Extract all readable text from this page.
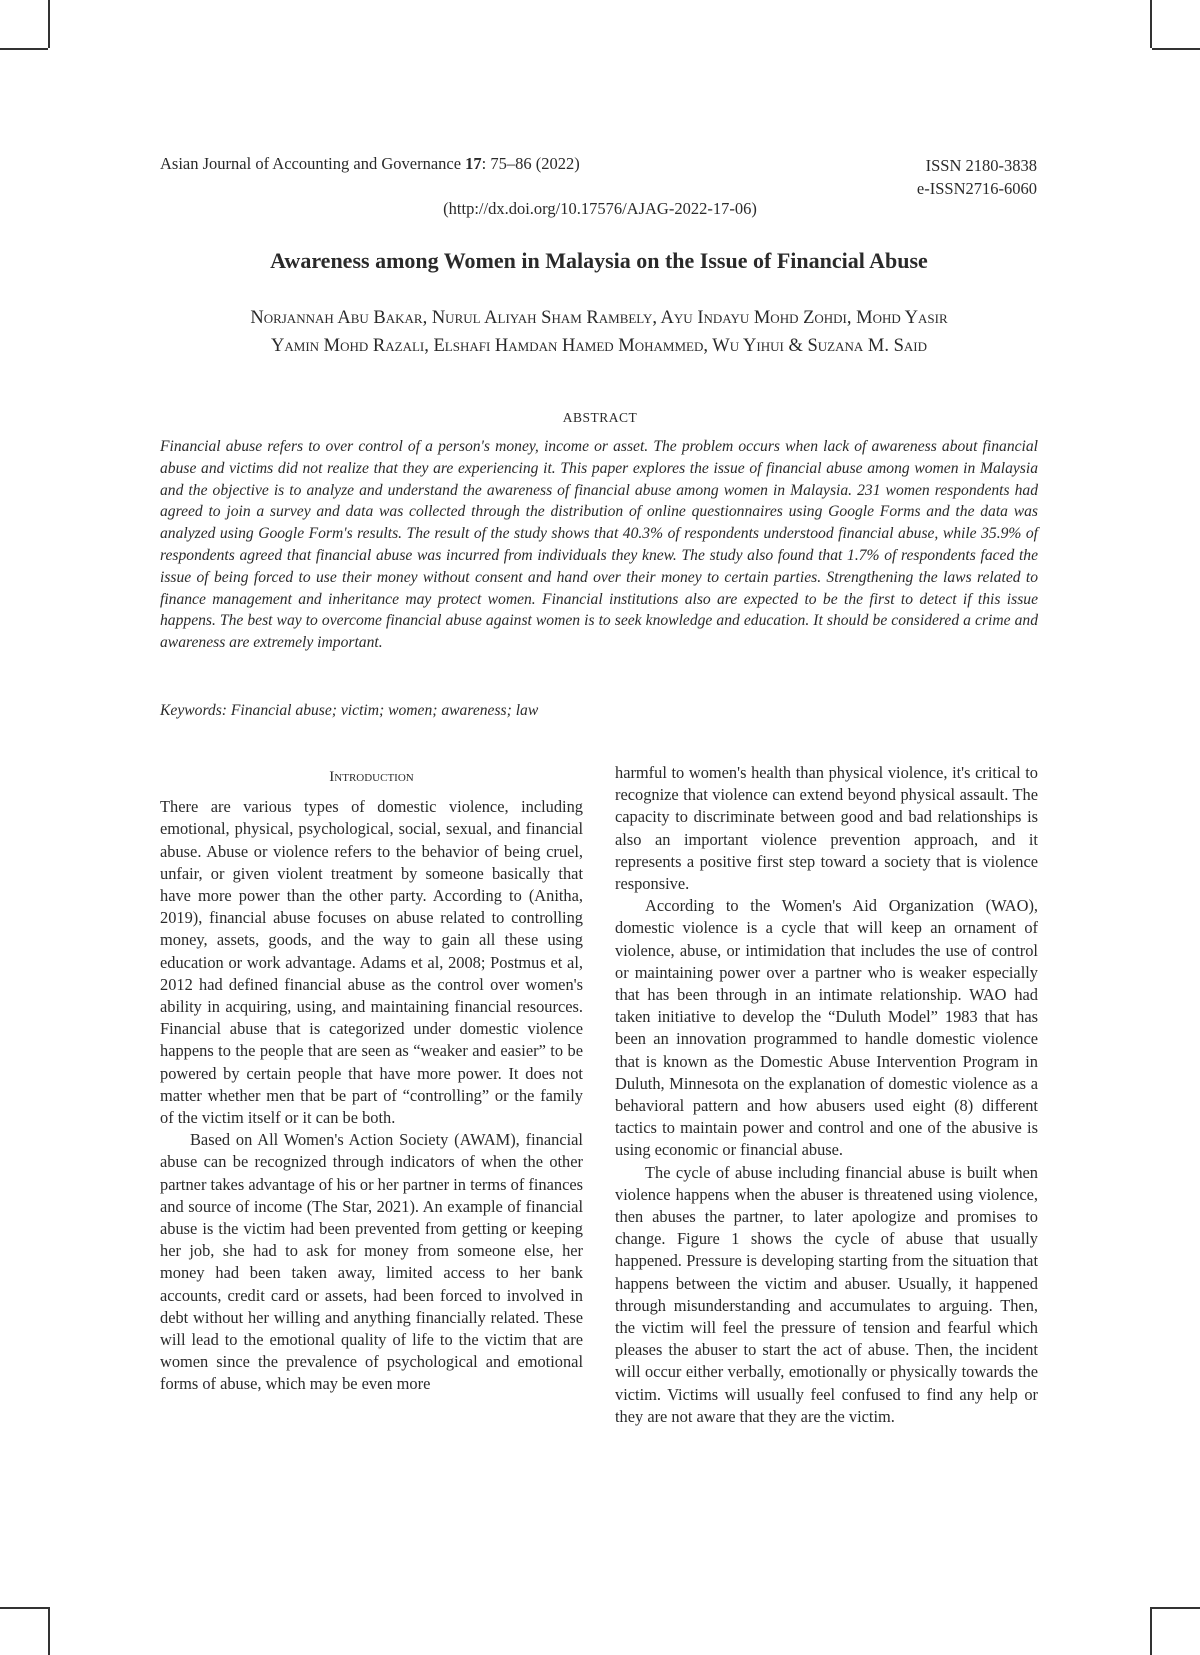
Asian Journal of Accounting and Governance 17: 75–86 (2022)	ISSN 2180-3838
e-ISSN2716-6060
(http://dx.doi.org/10.17576/AJAG-2022-17-06)
Awareness among Women in Malaysia on the Issue of Financial Abuse
Norjannah Abu Bakar, Nurul Aliyah Sham Rambely, Ayu Indayu Mohd Zohdi, Mohd Yasir
Yamin Mohd Razali, Elshafi Hamdan Hamed Mohammed, Wu Yihui & Suzana M. Said
ABSTRACT

Financial abuse refers to over control of a person's money, income or asset. The problem occurs when lack of awareness about financial abuse and victims did not realize that they are experiencing it. This paper explores the issue of financial abuse among women in Malaysia and the objective is to analyze and understand the awareness of financial abuse among women in Malaysia. 231 women respondents had agreed to join a survey and data was collected through the distribution of online questionnaires using Google Forms and the data was analyzed using Google Form's results. The result of the study shows that 40.3% of respondents understood financial abuse, while 35.9% of respondents agreed that financial abuse was incurred from individuals they knew. The study also found that 1.7% of respondents faced the issue of being forced to use their money without consent and hand over their money to certain parties. Strengthening the laws related to finance management and inheritance may protect women. Financial institutions also are expected to be the first to detect if this issue happens. The best way to overcome financial abuse against women is to seek knowledge and education. It should be considered a crime and awareness are extremely important.

Keywords: Financial abuse; victim; women; awareness; law
Introduction

There are various types of domestic violence, including emotional, physical, psychological, social, sexual, and financial abuse. Abuse or violence refers to the behavior of being cruel, unfair, or given violent treatment by someone basically that have more power than the other party. According to (Anitha, 2019), financial abuse focuses on abuse related to controlling money, assets, goods, and the way to gain all these using education or work advantage. Adams et al, 2008; Postmus et al, 2012 had defined financial abuse as the control over women's ability in acquiring, using, and maintaining financial resources. Financial abuse that is categorized under domestic violence happens to the people that are seen as “weaker and easier” to be powered by certain people that have more power. It does not matter whether men that be part of “controlling” or the family of the victim itself or it can be both.

Based on All Women's Action Society (AWAM), financial abuse can be recognized through indicators of when the other partner takes advantage of his or her partner in terms of finances and source of income (The Star, 2021). An example of financial abuse is the victim had been prevented from getting or keeping her job, she had to ask for money from someone else, her money had been taken away, limited access to her bank accounts, credit card or assets, had been forced to involved in debt without her willing and anything financially related. These will lead to the emotional quality of life to the victim that are women since the prevalence of psychological and emotional forms of abuse, which may be even more

harmful to women's health than physical violence, it's critical to recognize that violence can extend beyond physical assault. The capacity to discriminate between good and bad relationships is also an important violence prevention approach, and it represents a positive first step toward a society that is violence responsive.

According to the Women's Aid Organization (WAO), domestic violence is a cycle that will keep an ornament of violence, abuse, or intimidation that includes the use of control or maintaining power over a partner who is weaker especially that has been through in an intimate relationship. WAO had taken initiative to develop the “Duluth Model” 1983 that has been an innovation programmed to handle domestic violence that is known as the Domestic Abuse Intervention Program in Duluth, Minnesota on the explanation of domestic violence as a behavioral pattern and how abusers used eight (8) different tactics to maintain power and control and one of the abusive is using economic or financial abuse.

The cycle of abuse including financial abuse is built when violence happens when the abuser is threatened using violence, then abuses the partner, to later apologize and promises to change. Figure 1 shows the cycle of abuse that usually happened. Pressure is developing starting from the situation that happens between the victim and abuser. Usually, it happened through misunderstanding and accumulates to arguing. Then, the victim will feel the pressure of tension and fearful which pleases the abuser to start the act of abuse. Then, the incident will occur either verbally, emotionally or physically towards the victim. Victims will usually feel confused to find any help or they are not aware that they are the victim.
